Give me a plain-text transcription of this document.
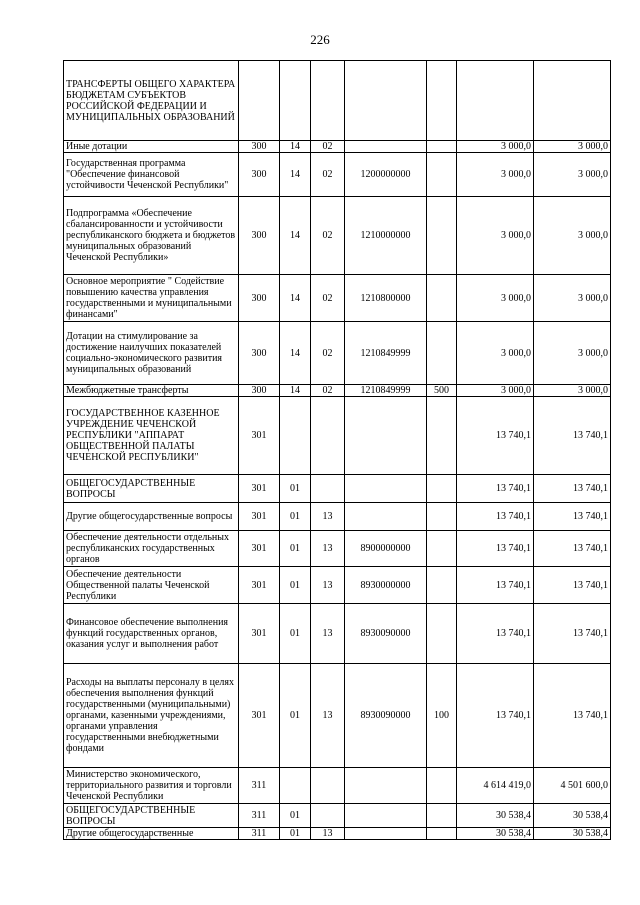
226
ТРАНСФЕРТЫ ОБЩЕГО ХАРАКТЕРА БЮДЖЕТАМ СУБЪЕКТОВ РОССИЙСКОЙ ФЕДЕРАЦИИ И МУНИЦИПАЛЬНЫХ ОБРАЗОВАНИЙ							
Иные дотации	300	14	02			3 000,0	3 000,0
Государственная программа "Обеспечение финансовой устойчивости Чеченской Республики"	300	14	02	1200000000		3 000,0	3 000,0
Подпрограмма «Обеспечение сбалансированности и устойчивости республиканского бюджета и бюджетов муниципальных образований Чеченской Республики»	300	14	02	1210000000		3 000,0	3 000,0
Основное мероприятие " Содействие повышению качества управления государственными и муниципальными финансами"	300	14	02	1210800000		3 000,0	3 000,0
Дотации на стимулирование за достижение наилучших показателей социально-экономического развития муниципальных образований	300	14	02	1210849999		3 000,0	3 000,0
Межбюджетные трансферты	300	14	02	1210849999	500	3 000,0	3 000,0
ГОСУДАРСТВЕННОЕ КАЗЕННОЕ УЧРЕЖДЕНИЕ ЧЕЧЕНСКОЙ РЕСПУБЛИКИ "АППАРАТ ОБЩЕСТВЕННОЙ ПАЛАТЫ ЧЕЧЕНСКОЙ РЕСПУБЛИКИ"	301					13 740,1	13 740,1
ОБЩЕГОСУДАРСТВЕННЫЕ ВОПРОСЫ	301	01				13 740,1	13 740,1
Другие общегосударственные вопросы	301	01	13			13 740,1	13 740,1
Обеспечение деятельности отдельных республиканских государственных органов	301	01	13	8900000000		13 740,1	13 740,1
Обеспечение деятельности Общественной палаты Чеченской Республики	301	01	13	8930000000		13 740,1	13 740,1
Финансовое обеспечение выполнения функций государственных органов, оказания услуг и выполнения работ	301	01	13	8930090000		13 740,1	13 740,1
Расходы на выплаты персоналу в целях обеспечения выполнения функций государственными (муниципальными) органами, казенными учреждениями, органами управления государственными внебюджетными фондами	301	01	13	8930090000	100	13 740,1	13 740,1
Министерство экономического, территориального развития и торговли Чеченской Республики	311					4 614 419,0	4 501 600,0
ОБЩЕГОСУДАРСТВЕННЫЕ ВОПРОСЫ	311	01				30 538,4	30 538,4
Другие общегосударственные	311	01	13			30 538,4	30 538,4
